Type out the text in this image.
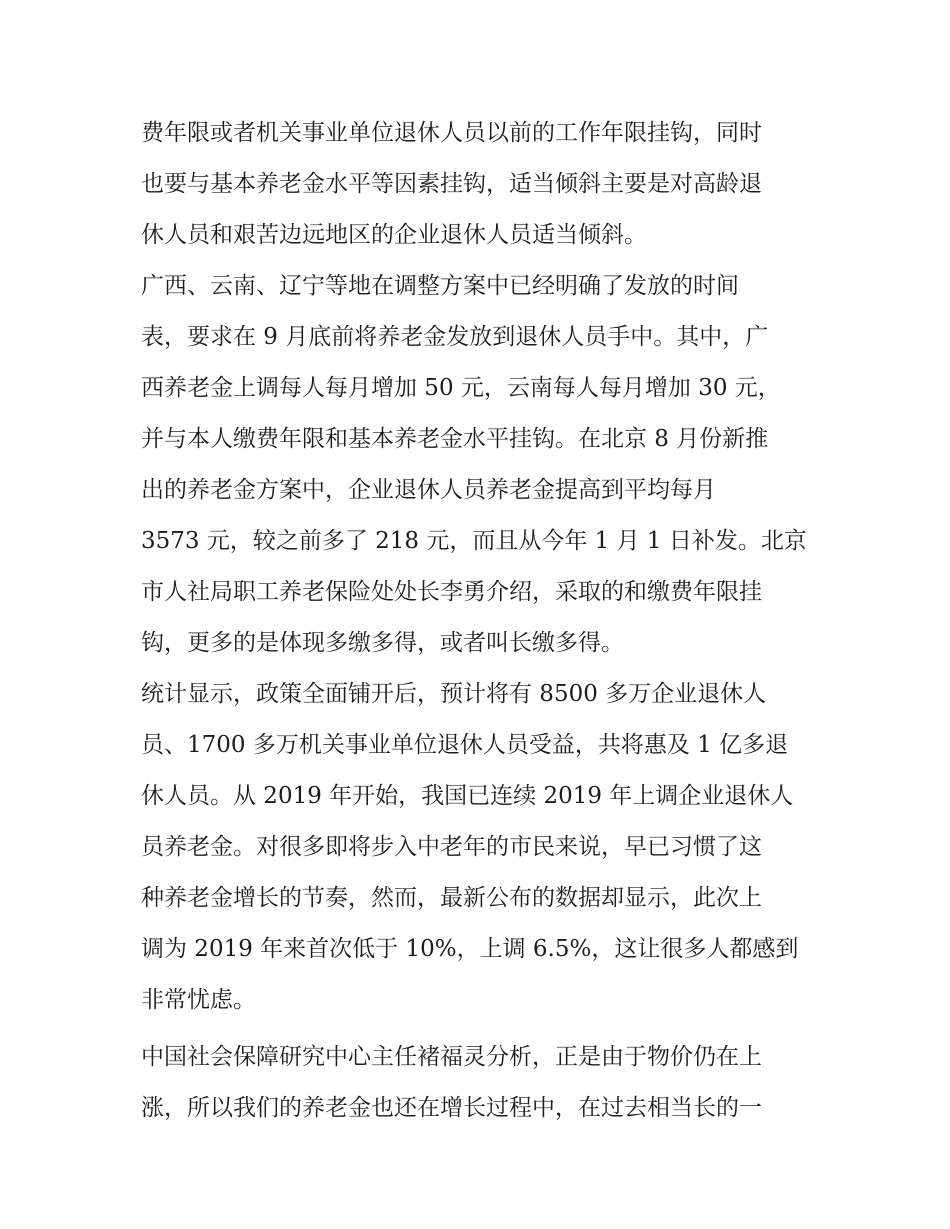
费年限或者机关事业单位退休人员以前的工作年限挂钩，同时
也要与基本养老金水平等因素挂钩，适当倾斜主要是对高龄退
休人员和艰苦边远地区的企业退休人员适当倾斜。
广西、云南、辽宁等地在调整方案中已经明确了发放的时间
表，要求在 9 月底前将养老金发放到退休人员手中。其中，广
西养老金上调每人每月增加 50 元，云南每人每月增加 30 元，
并与本人缴费年限和基本养老金水平挂钩。在北京 8 月份新推
出的养老金方案中，企业退休人员养老金提高到平均每月
3573 元，较之前多了 218 元，而且从今年 1 月 1 日补发。北京
市人社局职工养老保险处处长李勇介绍，采取的和缴费年限挂
钩，更多的是体现多缴多得，或者叫长缴多得。
统计显示，政策全面铺开后，预计将有 8500 多万企业退休人
员、1700 多万机关事业单位退休人员受益，共将惠及 1 亿多退
休人员。从 2019 年开始，我国已连续 2019 年上调企业退休人
员养老金。对很多即将步入中老年的市民来说，早已习惯了这
种养老金增长的节奏，然而，最新公布的数据却显示，此次上
调为 2019 年来首次低于 10%，上调 6.5%，这让很多人都感到
非常忧虑。
中国社会保障研究中心主任褚福灵分析，正是由于物价仍在上
涨，所以我们的养老金也还在增长过程中，在过去相当长的一
